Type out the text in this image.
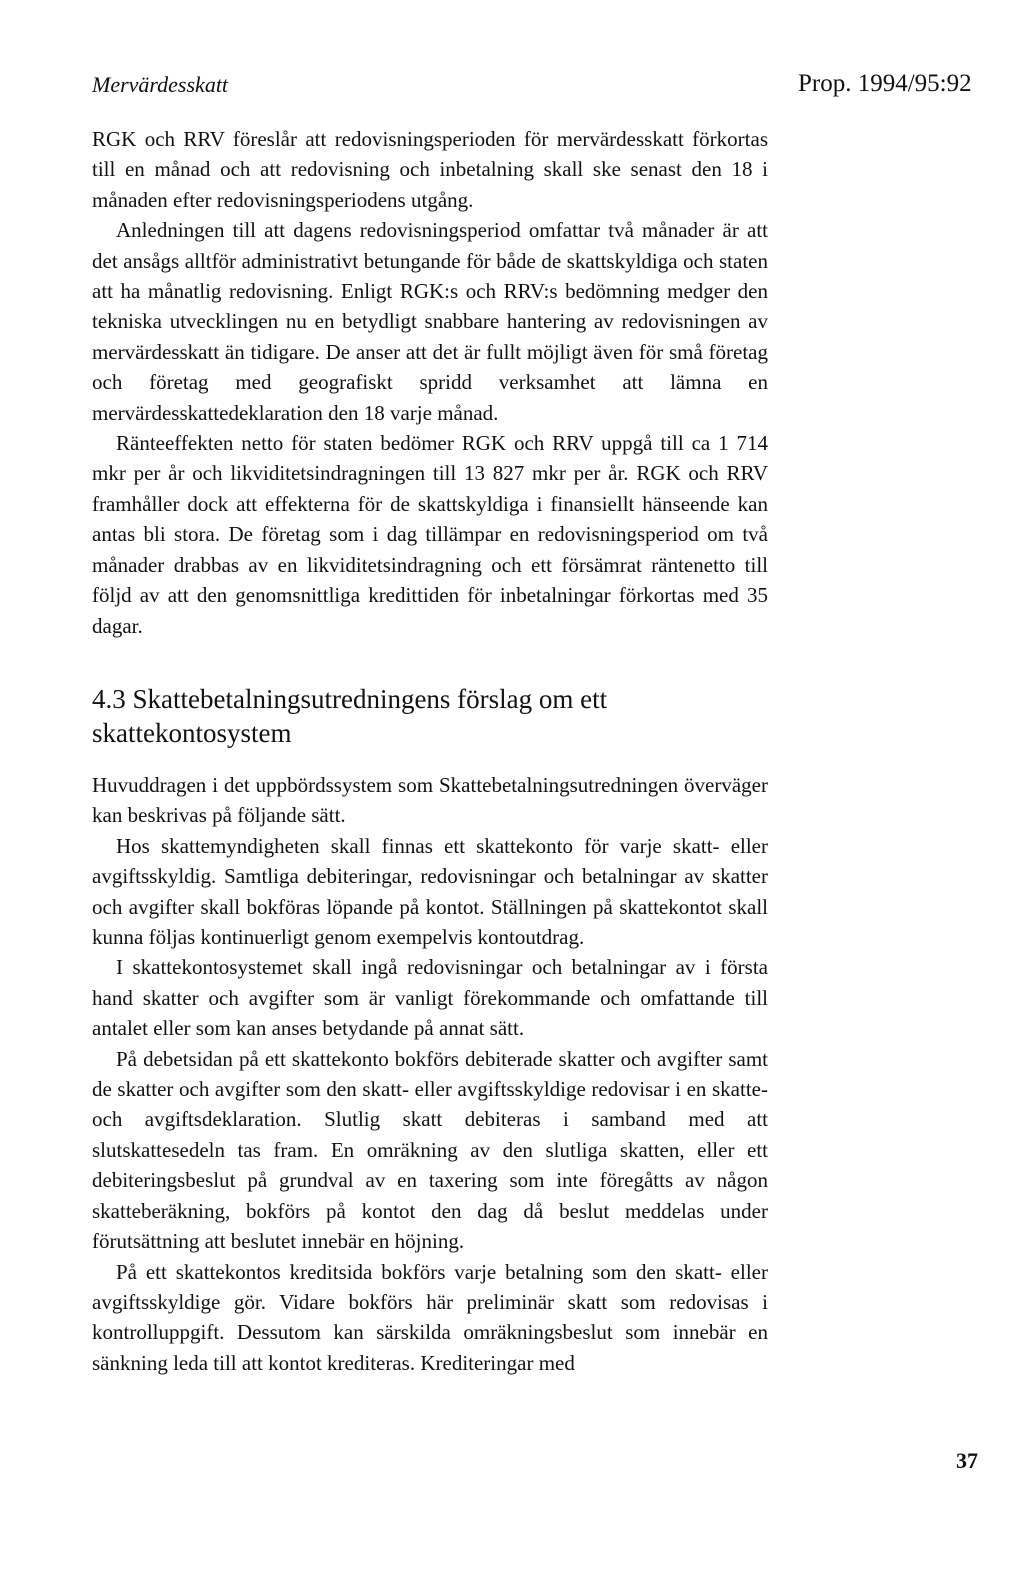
Mervärdesskatt	Prop. 1994/95:92

RGK och RRV föreslår att redovisningsperioden för mervärdesskatt förkortas till en månad och att redovisning och inbetalning skall ske senast den 18 i månaden efter redovisningsperiodens utgång.

Anledningen till att dagens redovisningsperiod omfattar två månader är att det ansågs alltför administrativt betungande för både de skattskyldiga och staten att ha månatlig redovisning. Enligt RGK:s och RRV:s bedömning medger den tekniska utvecklingen nu en betydligt snabbare hantering av redovisningen av mervärdesskatt än tidigare. De anser att det är fullt möjligt även för små företag och företag med geografiskt spridd verksamhet att lämna en mervärdesskattedeklaration den 18 varje månad.

Ränteeffekten netto för staten bedömer RGK och RRV uppgå till ca 1 714 mkr per år och likviditetsindragningen till 13 827 mkr per år. RGK och RRV framhåller dock att effekterna för de skattskyldiga i finansiellt hänseende kan antas bli stora. De företag som i dag tillämpar en redovisningsperiod om två månader drabbas av en likviditetsindragning och ett försämrat räntenetto till följd av att den genomsnittliga kredittiden för inbetalningar förkortas med 35 dagar.

4.3 Skattebetalningsutredningens förslag om ett skattekontosystem

Huvuddragen i det uppbördssystem som Skattebetalningsutredningen överväger kan beskrivas på följande sätt.

Hos skattemyndigheten skall finnas ett skattekonto för varje skatt- eller avgiftsskyldig. Samtliga debiteringar, redovisningar och betalningar av skatter och avgifter skall bokföras löpande på kontot. Ställningen på skattekontot skall kunna följas kontinuerligt genom exempelvis kontoutdrag.

I skattekontosystemet skall ingå redovisningar och betalningar av i första hand skatter och avgifter som är vanligt förekommande och omfattande till antalet eller som kan anses betydande på annat sätt.

På debetsidan på ett skattekonto bokförs debiterade skatter och avgifter samt de skatter och avgifter som den skatt- eller avgiftsskyldige redovisar i en skatte- och avgiftsdeklaration. Slutlig skatt debiteras i samband med att slutskattesedeln tas fram. En omräkning av den slutliga skatten, eller ett debiteringsbeslut på grundval av en taxering som inte föregåtts av någon skatteberäkning, bokförs på kontot den dag då beslut meddelas under förutsättning att beslutet innebär en höjning.

På ett skattekontos kreditsida bokförs varje betalning som den skatt- eller avgiftsskyldige gör. Vidare bokförs här preliminär skatt som redovisas i kontrolluppgift. Dessutom kan särskilda omräkningsbeslut som innebär en sänkning leda till att kontot krediteras. Krediteringar med

37
